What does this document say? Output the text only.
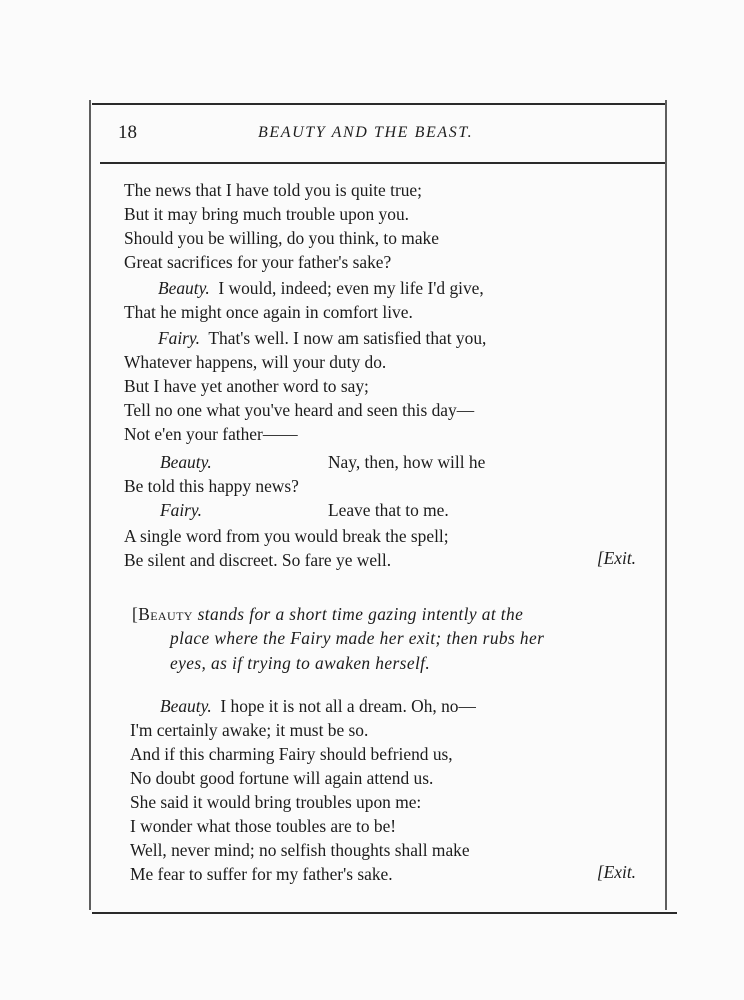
18	BEAUTY AND THE BEAST.
The news that I have told you is quite true;
But it may bring much trouble upon you.
Should you be willing, do you think, to make
Great sacrifices for your father's sake?
Beauty. I would, indeed; even my life I'd give,
That he might once again in comfort live.
Fairy. That's well. I now am satisfied that you,
Whatever happens, will your duty do.
But I have yet another word to say;
Tell no one what you've heard and seen this day—
Not e'en your father——
Beauty.	Nay, then, how will he
Be told this happy news?
Fairy.	Leave that to me.
A single word from you would break the spell;
Be silent and discreet. So fare ye well.	[Exit.
[Beauty stands for a short time gazing intently at the
place where the Fairy made her exit; then rubs her
eyes, as if trying to awaken herself.
Beauty. I hope it is not all a dream. Oh, no—
I'm certainly awake; it must be so.
And if this charming Fairy should befriend us,
No doubt good fortune will again attend us.
She said it would bring troubles upon me:
I wonder what those toubles are to be!
Well, never mind; no selfish thoughts shall make
Me fear to suffer for my father's sake.	[Exit.
